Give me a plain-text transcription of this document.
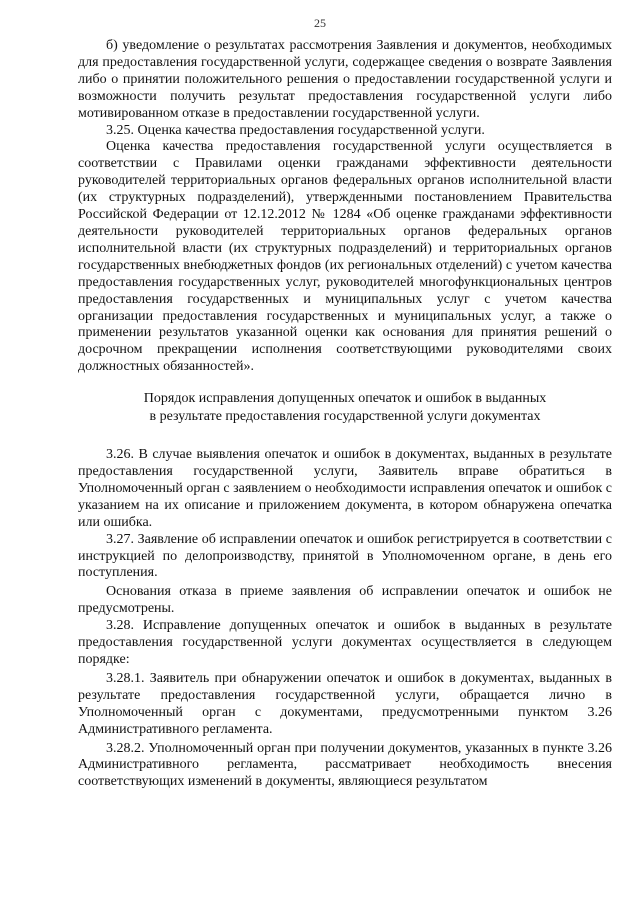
25

б) уведомление о результатах рассмотрения Заявления и документов, необходимых для предоставления государственной услуги, содержащее сведения о возврате Заявления либо о принятии положительного решения о предоставлении государственной услуги и возможности получить результат предоставления государственной услуги либо мотивированном отказе в предоставлении государственной услуги.

3.25. Оценка качества предоставления государственной услуги.

Оценка качества предоставления государственной услуги осуществляется в соответствии с Правилами оценки гражданами эффективности деятельности руководителей территориальных органов федеральных органов исполнительной власти (их структурных подразделений), утвержденными постановлением Правительства Российской Федерации от 12.12.2012 № 1284 «Об оценке гражданами эффективности деятельности руководителей территориальных органов федеральных органов исполнительной власти (их структурных подразделений) и территориальных органов государственных внебюджетных фондов (их региональных отделений) с учетом качества предоставления государственных услуг, руководителей многофункциональных центров предоставления государственных и муниципальных услуг с учетом качества организации предоставления государственных и муниципальных услуг, а также о применении результатов указанной оценки как основания для принятия решений о досрочном прекращении исполнения соответствующими руководителями своих должностных обязанностей».

Порядок исправления допущенных опечаток и ошибок в выданных
в результате предоставления государственной услуги документах

3.26. В случае выявления опечаток и ошибок в документах, выданных в результате предоставления государственной услуги, Заявитель вправе обратиться в Уполномоченный орган с заявлением о необходимости исправления опечаток и ошибок с указанием на их описание и приложением документа, в котором обнаружена опечатка или ошибка.

3.27. Заявление об исправлении опечаток и ошибок регистрируется в соответствии с инструкцией по делопроизводству, принятой в Уполномоченном органе, в день его поступления.

Основания отказа в приеме заявления об исправлении опечаток и ошибок не предусмотрены.

3.28. Исправление допущенных опечаток и ошибок в выданных в результате предоставления государственной услуги документах осуществляется в следующем порядке:

3.28.1. Заявитель при обнаружении опечаток и ошибок в документах, выданных в результате предоставления государственной услуги, обращается лично в Уполномоченный орган с документами, предусмотренными пунктом 3.26 Административного регламента.

3.28.2. Уполномоченный орган при получении документов, указанных в пункте 3.26 Административного регламента, рассматривает необходимость внесения соответствующих изменений в документы, являющиеся результатом
